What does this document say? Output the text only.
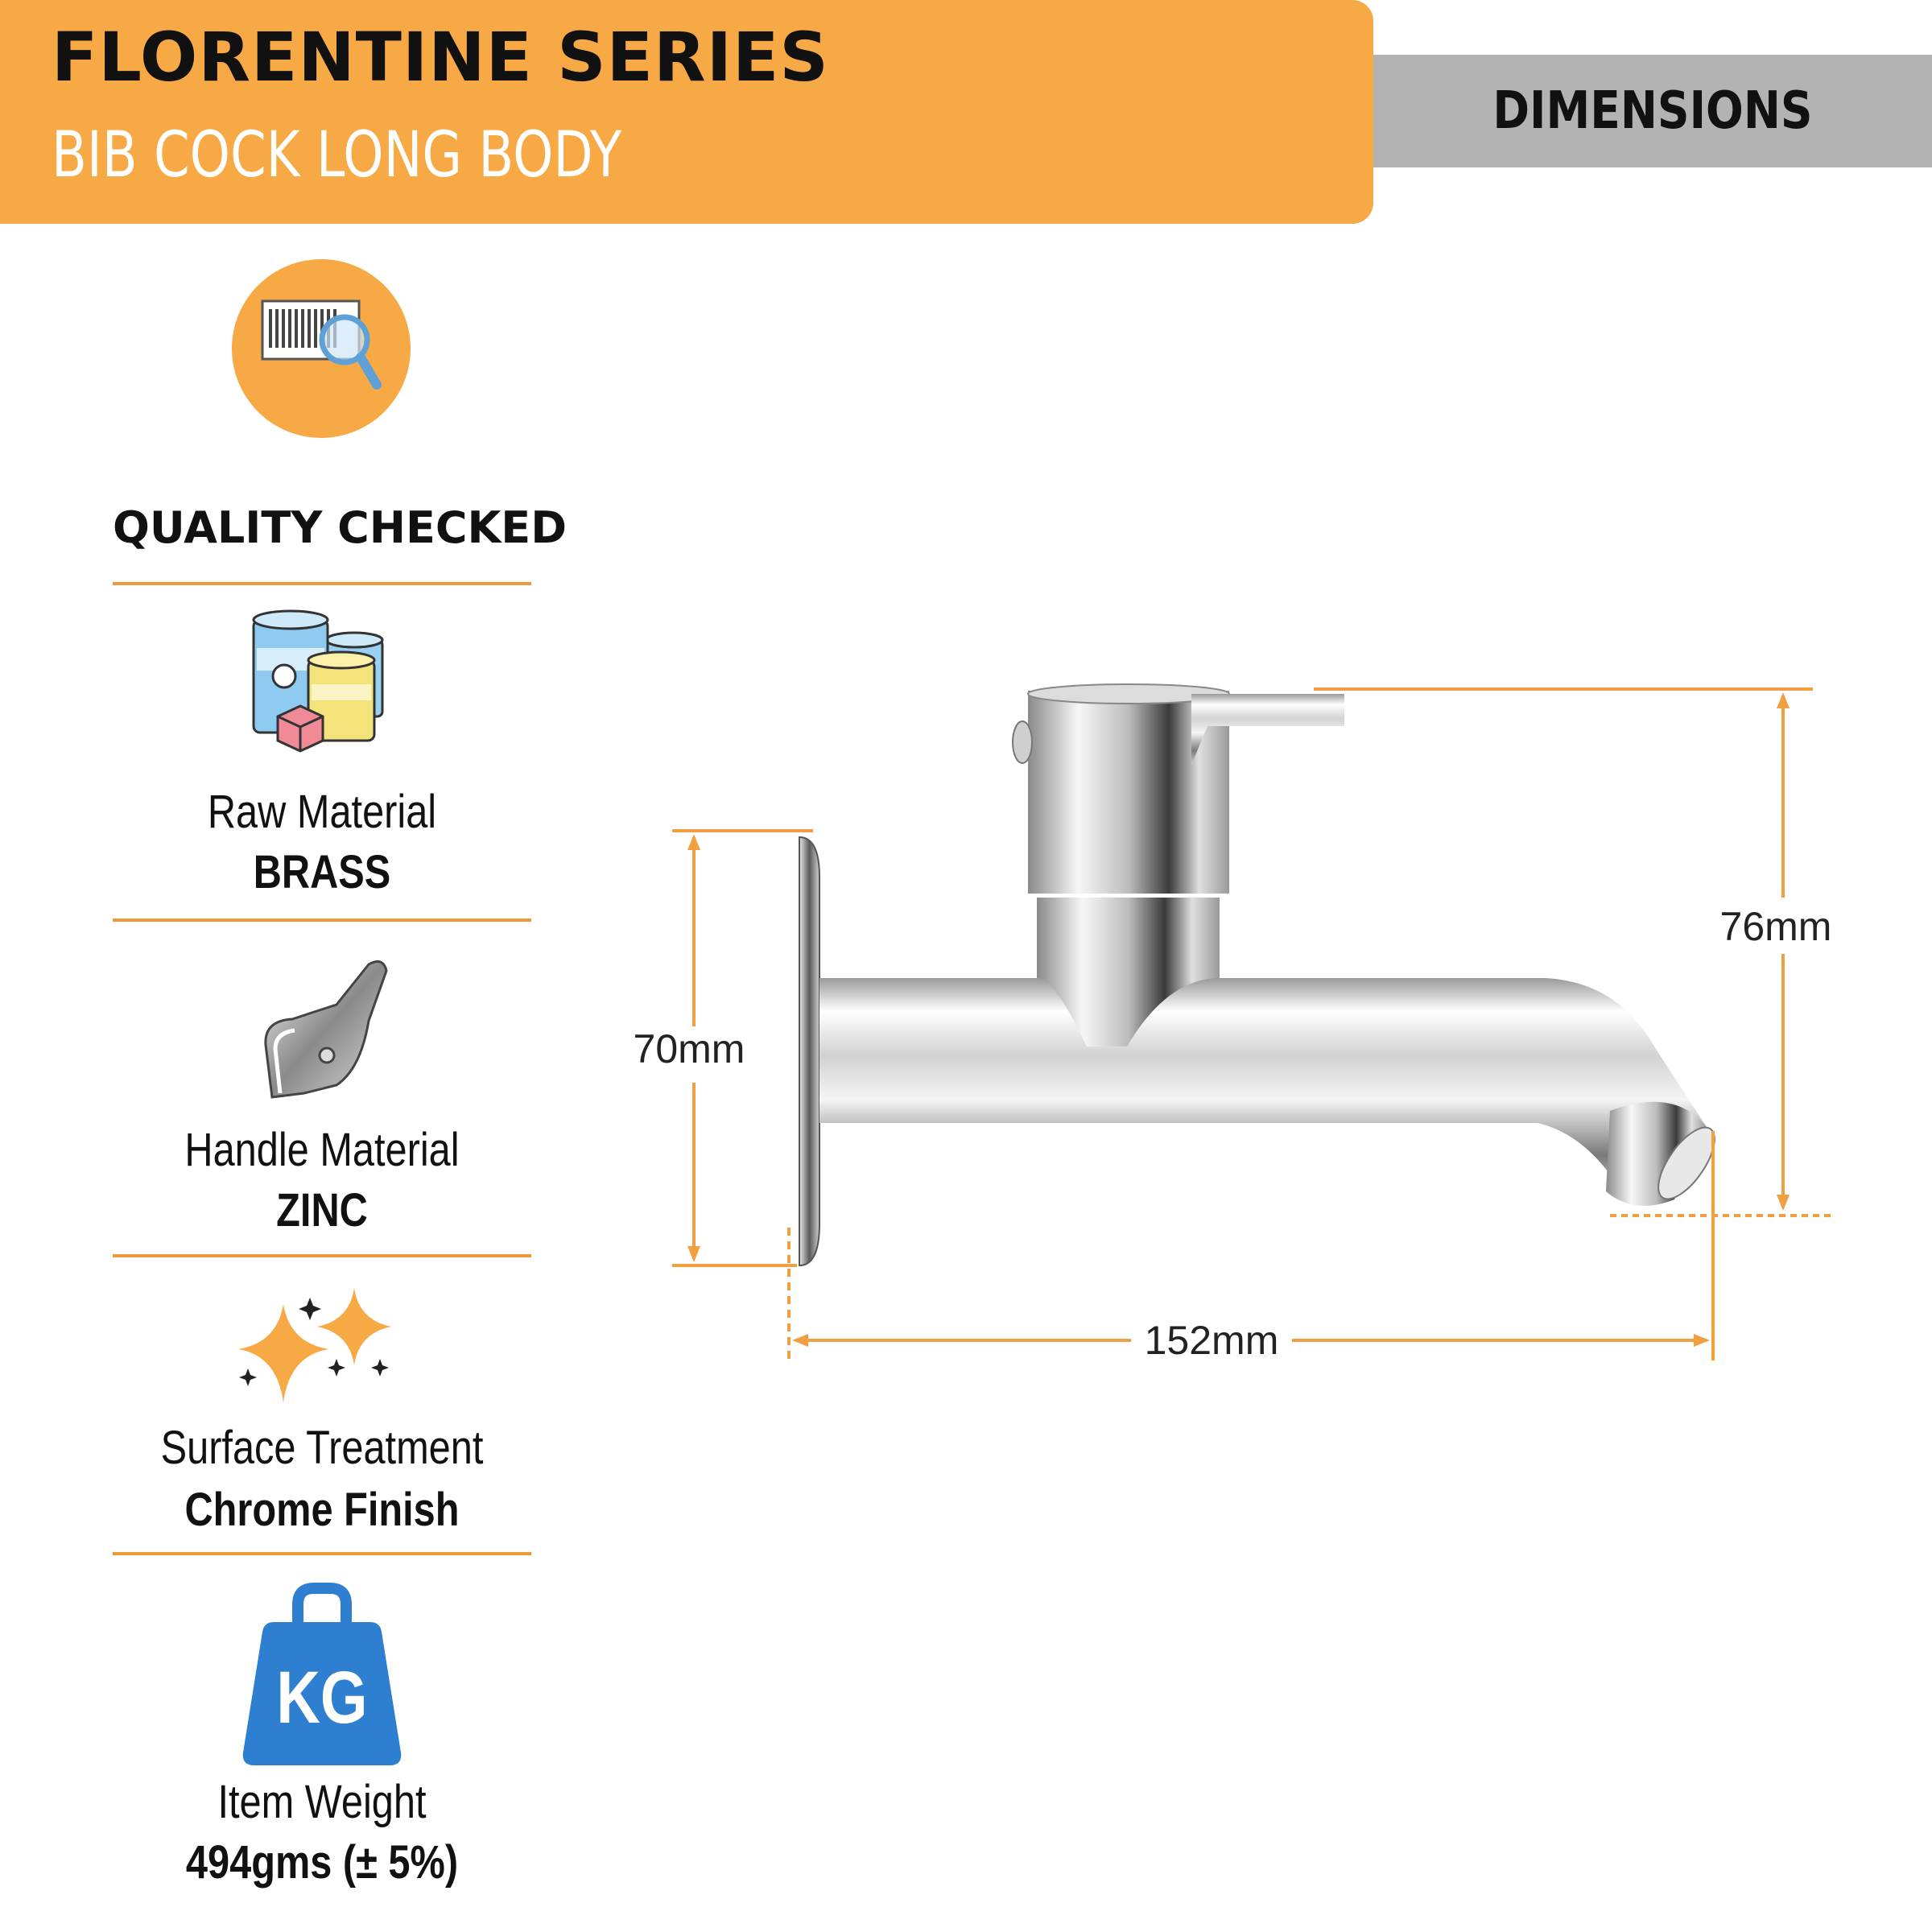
FLORENTINE SERIES
BIB COCK LONG BODY
DIMENSIONS
QUALITY CHECKED
Raw Material
BRASS
Handle Material
ZINC
Surface Treatment
Chrome Finish
KG
Item Weight
494gms (± 5%)
70mm
76mm
152mm
